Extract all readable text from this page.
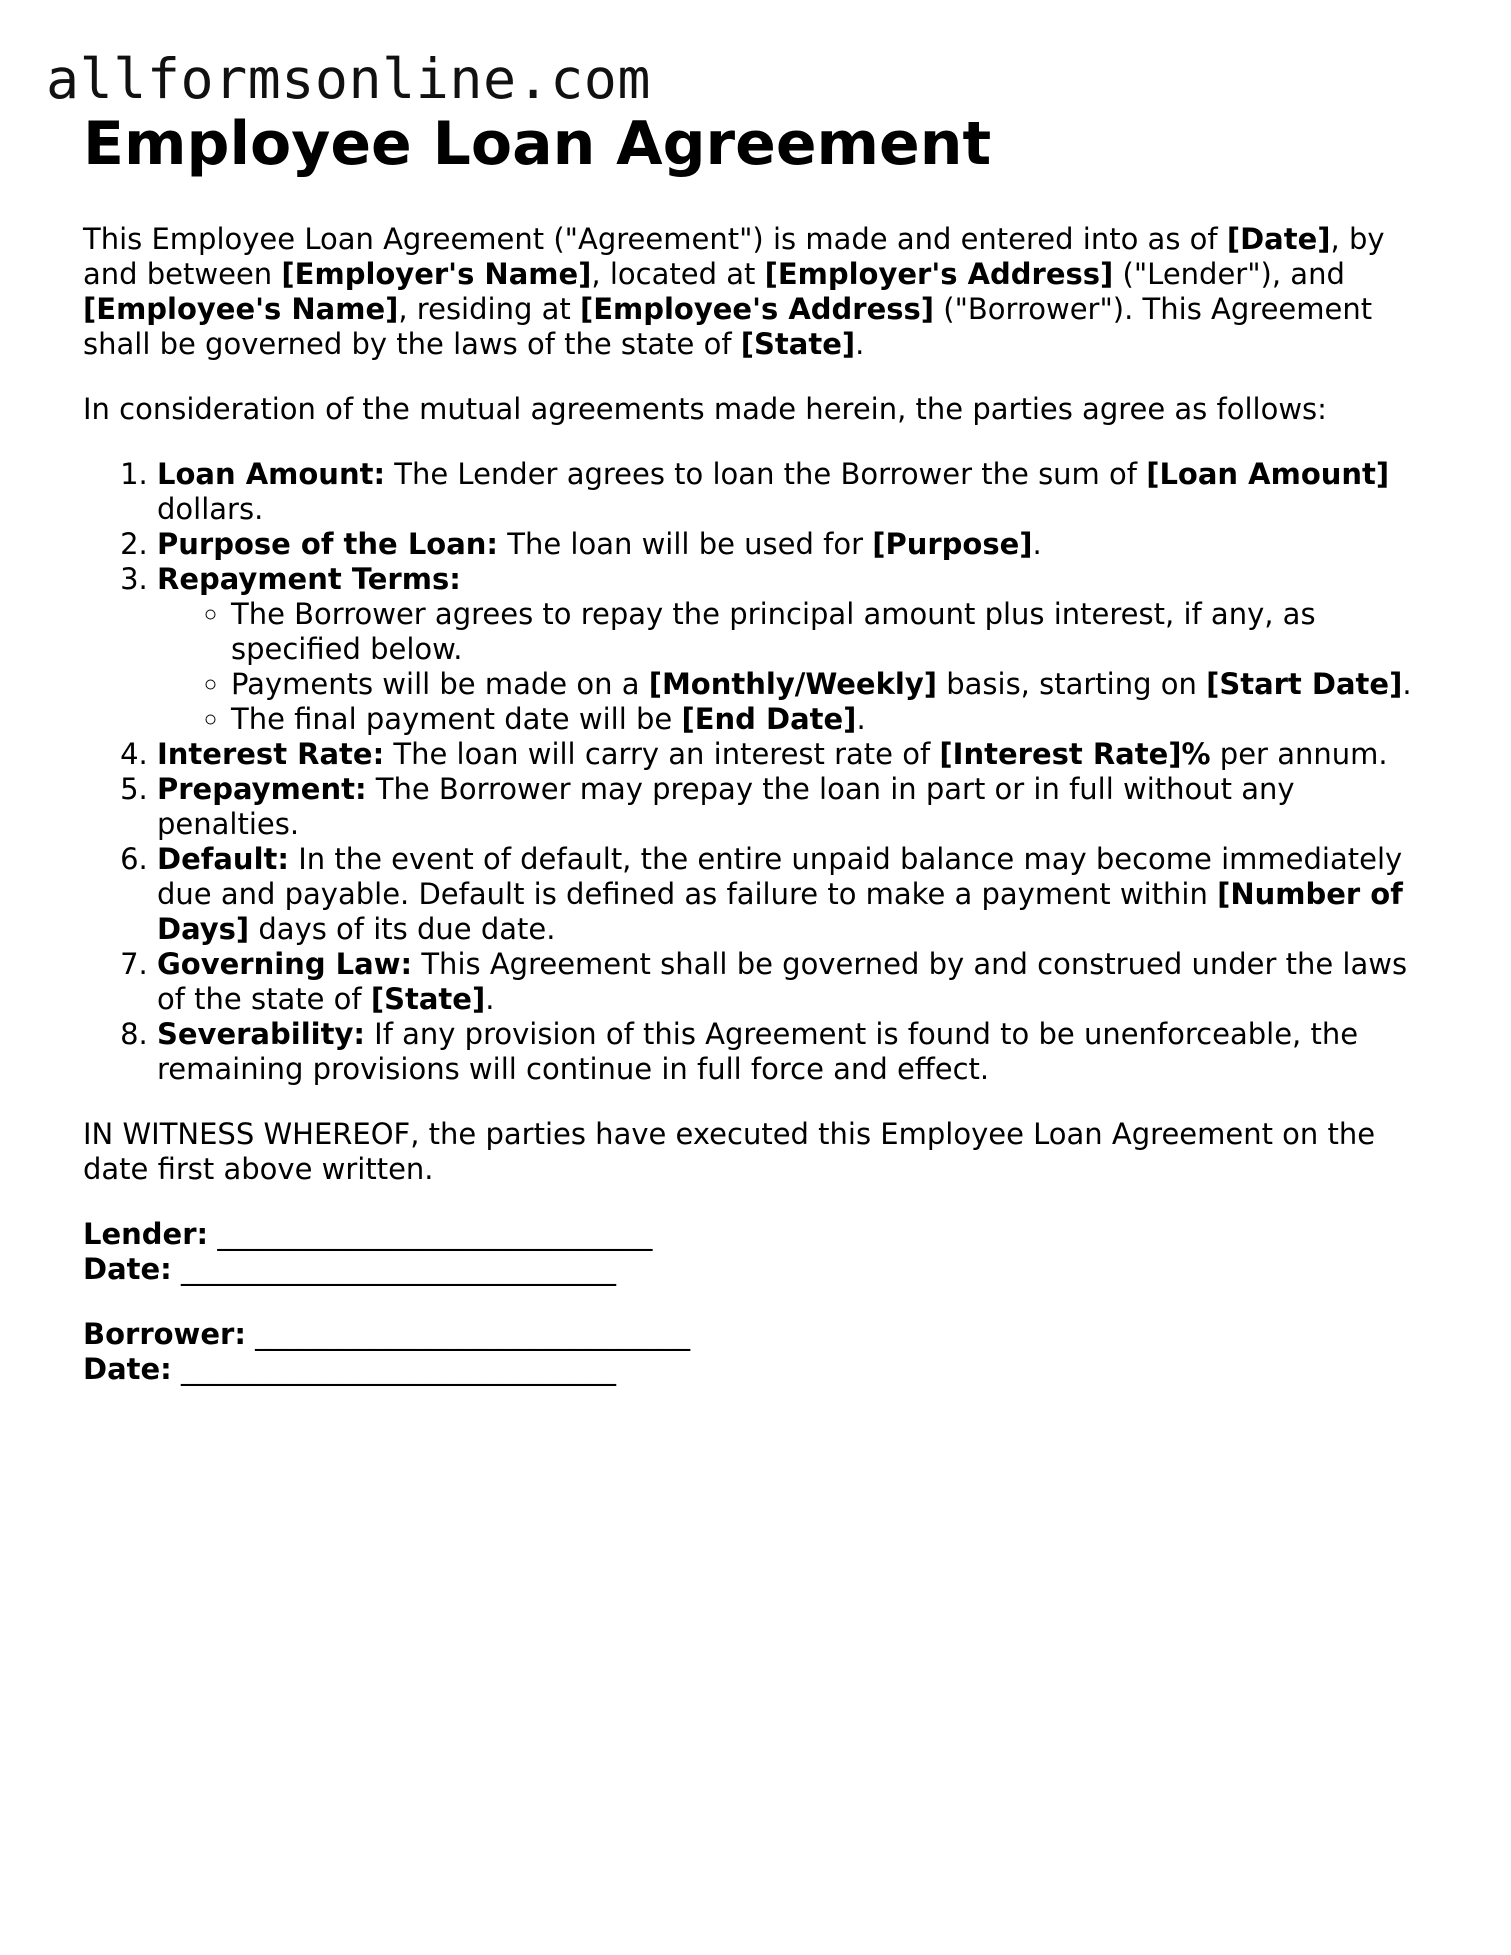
allformsonline.com
Employee Loan Agreement

This Employee Loan Agreement ("Agreement") is made and entered into as of [Date], by and between [Employer's Name], located at [Employer's Address] ("Lender"), and [Employee's Name], residing at [Employee's Address] ("Borrower"). This Agreement shall be governed by the laws of the state of [State].

In consideration of the mutual agreements made herein, the parties agree as follows:

1. Loan Amount: The Lender agrees to loan the Borrower the sum of [Loan Amount] dollars.
2. Purpose of the Loan: The loan will be used for [Purpose].
3. Repayment Terms:
◦ The Borrower agrees to repay the principal amount plus interest, if any, as specified below.
◦ Payments will be made on a [Monthly/Weekly] basis, starting on [Start Date].
◦ The final payment date will be [End Date].
4. Interest Rate: The loan will carry an interest rate of [Interest Rate]% per annum.
5. Prepayment: The Borrower may prepay the loan in part or in full without any penalties.
6. Default: In the event of default, the entire unpaid balance may become immediately due and payable. Default is defined as failure to make a payment within [Number of Days] days of its due date.
7. Governing Law: This Agreement shall be governed by and construed under the laws of the state of [State].
8. Severability: If any provision of this Agreement is found to be unenforceable, the remaining provisions will continue in full force and effect.

IN WITNESS WHEREOF, the parties have executed this Employee Loan Agreement on the date first above written.

Lender: ______________________________
Date: ______________________________
Borrower: ______________________________
Date: ______________________________
